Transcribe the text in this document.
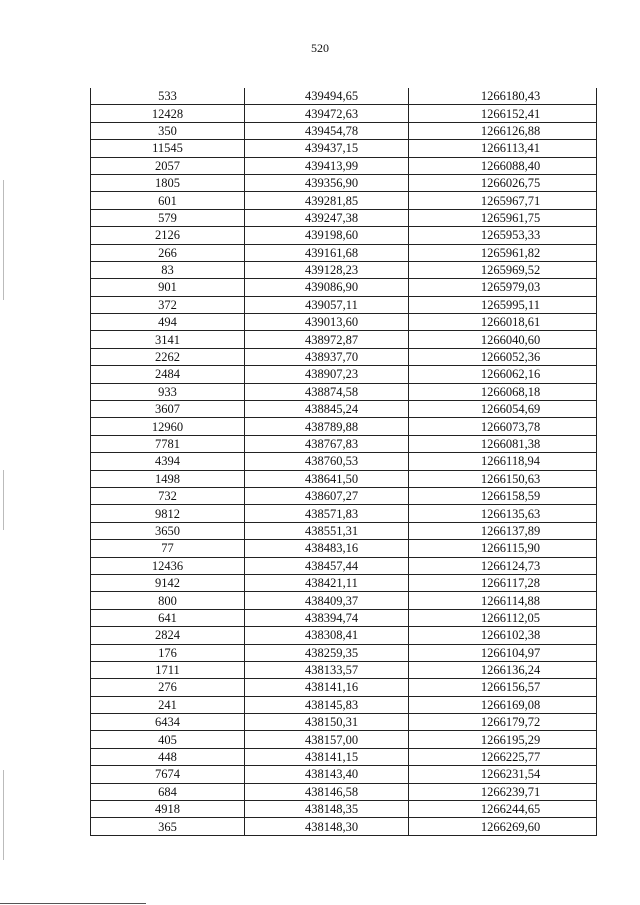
520
533	439494,65	1266180,43
12428	439472,63	1266152,41
350	439454,78	1266126,88
11545	439437,15	1266113,41
2057	439413,99	1266088,40
1805	439356,90	1266026,75
601	439281,85	1265967,71
579	439247,38	1265961,75
2126	439198,60	1265953,33
266	439161,68	1265961,82
83	439128,23	1265969,52
901	439086,90	1265979,03
372	439057,11	1265995,11
494	439013,60	1266018,61
3141	438972,87	1266040,60
2262	438937,70	1266052,36
2484	438907,23	1266062,16
933	438874,58	1266068,18
3607	438845,24	1266054,69
12960	438789,88	1266073,78
7781	438767,83	1266081,38
4394	438760,53	1266118,94
1498	438641,50	1266150,63
732	438607,27	1266158,59
9812	438571,83	1266135,63
3650	438551,31	1266137,89
77	438483,16	1266115,90
12436	438457,44	1266124,73
9142	438421,11	1266117,28
800	438409,37	1266114,88
641	438394,74	1266112,05
2824	438308,41	1266102,38
176	438259,35	1266104,97
1711	438133,57	1266136,24
276	438141,16	1266156,57
241	438145,83	1266169,08
6434	438150,31	1266179,72
405	438157,00	1266195,29
448	438141,15	1266225,77
7674	438143,40	1266231,54
684	438146,58	1266239,71
4918	438148,35	1266244,65
365	438148,30	1266269,60
